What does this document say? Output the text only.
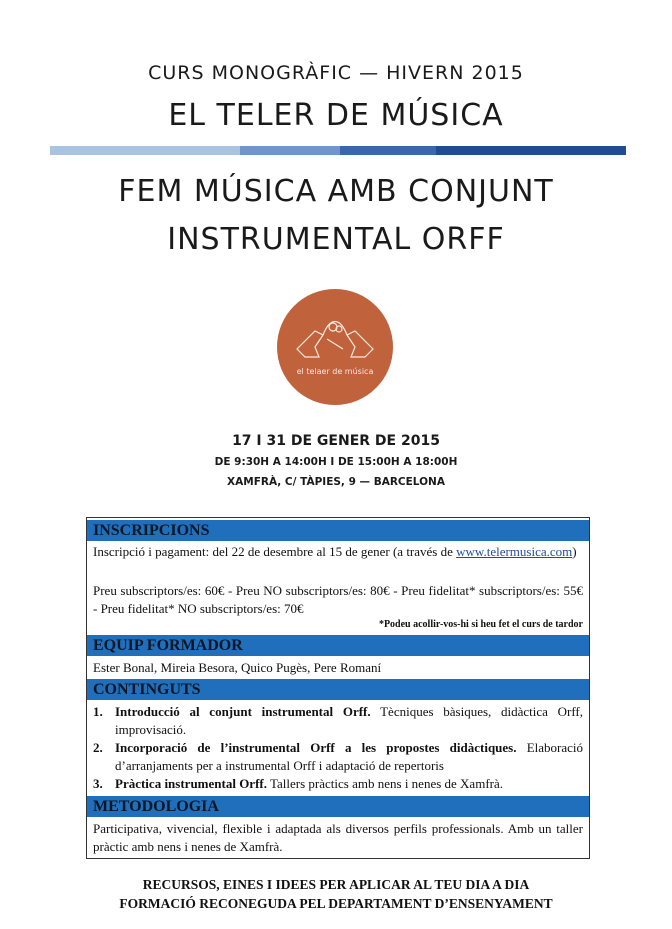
CURS MONOGRÀFIC — HIVERN 2015
EL TELER DE MÚSICA
FEM MÚSICA AMB CONJUNT
INSTRUMENTAL ORFF
el telaer de música
17 I 31 DE GENER DE 2015
DE 9:30H A 14:00H I DE 15:00H A 18:00H
XAMFRÀ, C/ TÀPIES, 9 — BARCELONA
INSCRIPCIONS
Inscripció i pagament: del 22 de desembre al 15 de gener (a través de www.telermusica.com)
Preu subscriptors/es: 60€ - Preu NO subscriptors/es: 80€ - Preu fidelitat* subscriptors/es: 55€ - Preu fidelitat* NO subscriptors/es: 70€
*Podeu acollir-vos-hi si heu fet el curs de tardor
EQUIP FORMADOR
Ester Bonal, Mireia Besora, Quico Pugès, Pere Romaní
CONTINGUTS
1. Introducció al conjunt instrumental Orff. Tècniques bàsiques, didàctica Orff, improvisació.
2. Incorporació de l’instrumental Orff a les propostes didàctiques. Elaboració d’arranjaments per a instrumental Orff i adaptació de repertoris
3. Pràctica instrumental Orff. Tallers pràctics amb nens i nenes de Xamfrà.
METODOLOGIA
Participativa, vivencial, flexible i adaptada als diversos perfils professionals. Amb un taller pràctic amb nens i nenes de Xamfrà.
RECURSOS, EINES I IDEES PER APLICAR AL TEU DIA A DIA
FORMACIÓ RECONEGUDA PEL DEPARTAMENT D’ENSENYAMENT
